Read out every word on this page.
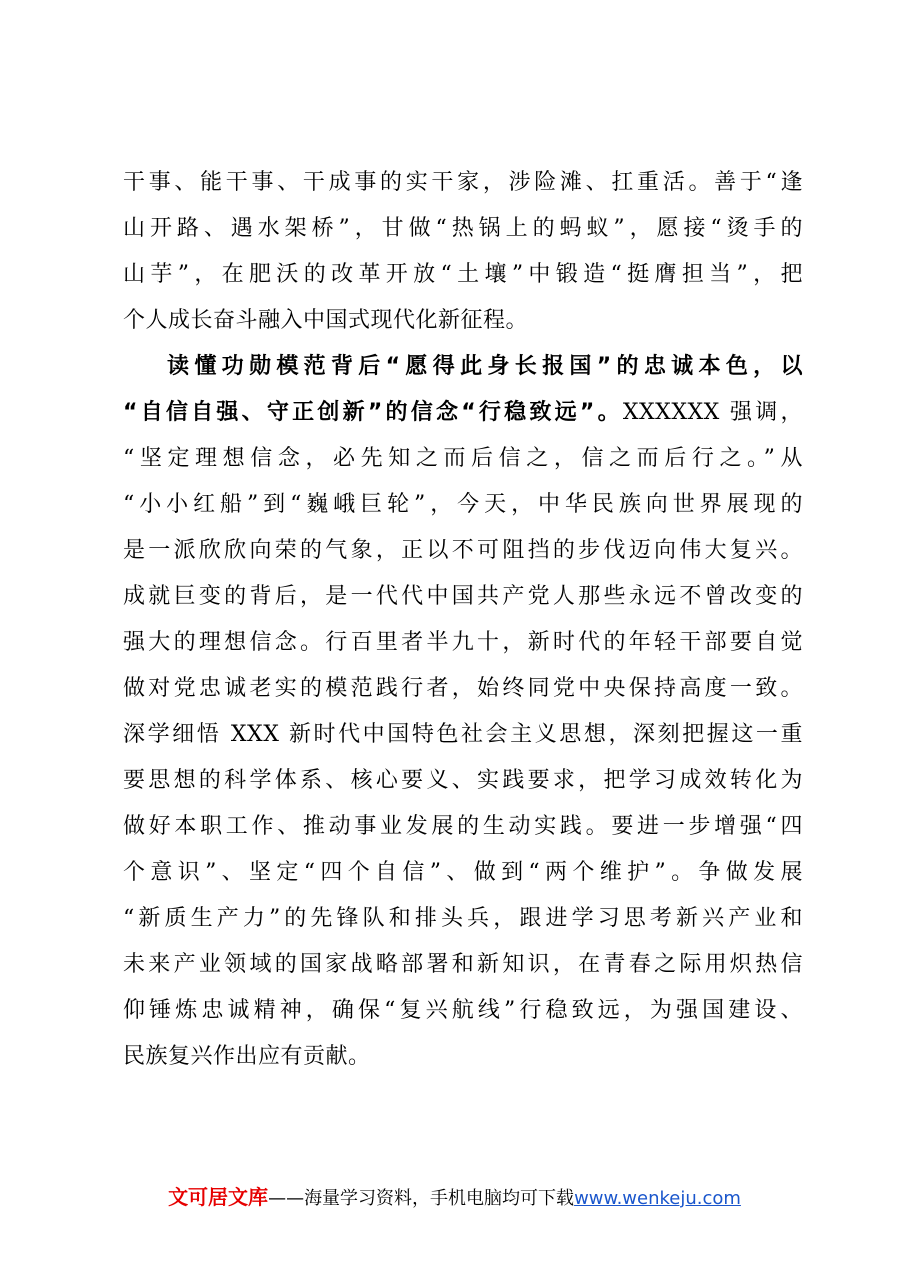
干事、能干事、干成事的实干家，涉险滩、扛重活。善于“逢
山开路、遇水架桥”，甘做“热锅上的蚂蚁”，愿接“烫手的
山芋”，在肥沃的改革开放“土壤”中锻造“挺膺担当”，把
个人成长奋斗融入中国式现代化新征程。
读懂功勋模范背后“愿得此身长报国”的忠诚本色，以
“自信自强、守正创新”的信念“行稳致远”。XXXXXX 强调，
“坚定理想信念，必先知之而后信之，信之而后行之。”从
“小小红船”到“巍峨巨轮”，今天，中华民族向世界展现的
是一派欣欣向荣的气象，正以不可阻挡的步伐迈向伟大复兴。
成就巨变的背后，是一代代中国共产党人那些永远不曾改变的
强大的理想信念。行百里者半九十，新时代的年轻干部要自觉
做对党忠诚老实的模范践行者，始终同党中央保持高度一致。
深学细悟 XXX 新时代中国特色社会主义思想，深刻把握这一重
要思想的科学体系、核心要义、实践要求，把学习成效转化为
做好本职工作、推动事业发展的生动实践。要进一步增强“四
个意识”、坚定“四个自信”、做到“两个维护”。争做发展
“新质生产力”的先锋队和排头兵，跟进学习思考新兴产业和
未来产业领域的国家战略部署和新知识，在青春之际用炽热信
仰锤炼忠诚精神，确保“复兴航线”行稳致远，为强国建设、
民族复兴作出应有贡献。
文可居文库——海量学习资料，手机电脑均可下载www.wenkeju.com
